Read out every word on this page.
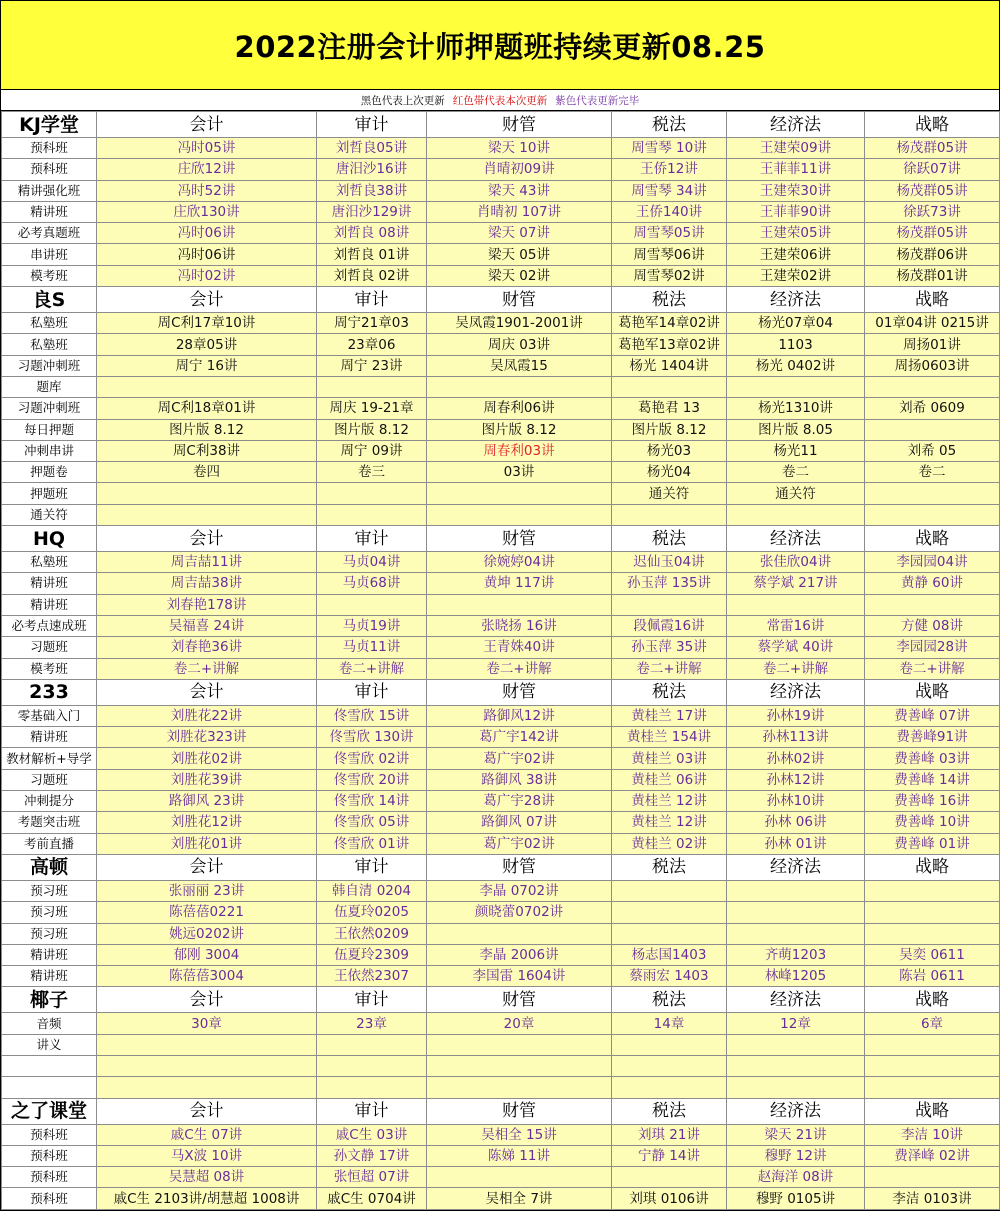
2022注册会计师押题班持续更新08.25
黑色代表上次更新 红色带代表本次更新 紫色代表更新完毕
KJ学堂	会计	审计	财管	税法	经济法	战略
预科班	冯时05讲	刘哲良05讲	梁天 10讲	周雪琴 10讲	王建荣09讲	杨茂群05讲
预科班	庄欣12讲	唐汨沙16讲	肖晴初09讲	王侨12讲	王菲菲11讲	徐跃07讲
精讲强化班	冯时52讲	刘哲良38讲	梁天 43讲	周雪琴 34讲	王建荣30讲	杨茂群05讲
精讲班	庄欣130讲	唐汨沙129讲	肖晴初 107讲	王侨140讲	王菲菲90讲	徐跃73讲
必考真题班	冯时06讲	刘哲良 08讲	梁天 07讲	周雪琴05讲	王建荣05讲	杨茂群05讲
串讲班	冯时06讲	刘哲良 01讲	梁天 05讲	周雪琴06讲	王建荣06讲	杨茂群06讲
模考班	冯时02讲	刘哲良 02讲	梁天 02讲	周雪琴02讲	王建荣02讲	杨茂群01讲
良S	会计	审计	财管	税法	经济法	战略
私塾班	周C利17章10讲	周宁21章03	吴凤霞1901-2001讲	葛艳军14章02讲	杨光07章04	01章04讲 0215讲
私塾班	28章05讲	23章06	周庆 03讲	葛艳军13章02讲	1103	周扬01讲
习题冲刺班	周宁 16讲	周宁 23讲	吴凤霞15	杨光 1404讲	杨光 0402讲	周扬0603讲
题库						
习题冲刺班	周C利18章01讲	周庆 19-21章	周春利06讲	葛艳君 13	杨光1310讲	刘希 0609
每日押题	图片版 8.12	图片版 8.12	图片版 8.12	图片版 8.12	图片版 8.05	
冲刺串讲	周C利38讲	周宁 09讲	周春利03讲	杨光03	杨光11	刘希 05
押题卷	卷四	卷三	03讲	杨光04	卷二	卷二
押题班				通关符	通关符	
通关符						
HQ	会计	审计	财管	税法	经济法	战略
私塾班	周吉喆11讲	马贞04讲	徐婉婷04讲	迟仙玉04讲	张佳欣04讲	李园园04讲
精讲班	周吉喆38讲	马贞68讲	黄坤 117讲	孙玉萍 135讲	蔡学斌 217讲	黄静 60讲
精讲班	刘春艳178讲					
必考点速成班	吴福喜 24讲	马贞19讲	张晓扬 16讲	段佩霞16讲	常雷16讲	方健 08讲
习题班	刘春艳36讲	马贞11讲	王青姝40讲	孙玉萍 35讲	蔡学斌 40讲	李园园28讲
模考班	卷二+讲解	卷二+讲解	卷二+讲解	卷二+讲解	卷二+讲解	卷二+讲解
233	会计	审计	财管	税法	经济法	战略
零基础入门	刘胜花22讲	佟雪欣 15讲	路御风12讲	黄桂兰 17讲	孙林19讲	费善峰 07讲
精讲班	刘胜花323讲	佟雪欣 130讲	葛广宇142讲	黄桂兰 154讲	孙林113讲	费善峰91讲
教材解析+导学	刘胜花02讲	佟雪欣 02讲	葛广宇02讲	黄桂兰 03讲	孙林02讲	费善峰 03讲
习题班	刘胜花39讲	佟雪欣 20讲	路御风 38讲	黄桂兰 06讲	孙林12讲	费善峰 14讲
冲刺提分	路御风 23讲	佟雪欣 14讲	葛广宇28讲	黄桂兰 12讲	孙林10讲	费善峰 16讲
考题突击班	刘胜花12讲	佟雪欣 05讲	路御风 07讲	黄桂兰 12讲	孙林 06讲	费善峰 10讲
考前直播	刘胜花01讲	佟雪欣 01讲	葛广宇02讲	黄桂兰 02讲	孙林 01讲	费善峰 01讲
高顿	会计	审计	财管	税法	经济法	战略
预习班	张丽丽 23讲	韩自清 0204	李晶 0702讲			
预习班	陈蓓蓓0221	伍夏玲0205	颜晓蕾0702讲			
预习班	姚远0202讲	王依然0209				
精讲班	郁刚 3004	伍夏玲2309	李晶 2006讲	杨志国1403	齐萌1203	吴奕 0611
精讲班	陈蓓蓓3004	王依然2307	李国雷 1604讲	蔡雨宏 1403	林峰1205	陈岩 0611
椰子	会计	审计	财管	税法	经济法	战略
音频	30章	23章	20章	14章	12章	6章
讲义						

之了课堂	会计	审计	财管	税法	经济法	战略
预科班	戚C生 07讲	戚C生 03讲	吴相全 15讲	刘琪 21讲	梁天 21讲	李洁 10讲
预科班	马X波 10讲	孙文静 17讲	陈娣 11讲	宁静 14讲	穆野 12讲	费泽峰 02讲
预科班	吴慧超 08讲	张恒超 07讲			赵海洋 08讲	
预科班	戚C生 2103讲/胡慧超 1008讲	戚C生 0704讲	吴相全 7讲	刘琪 0106讲	穆野 0105讲	李洁 0103讲
